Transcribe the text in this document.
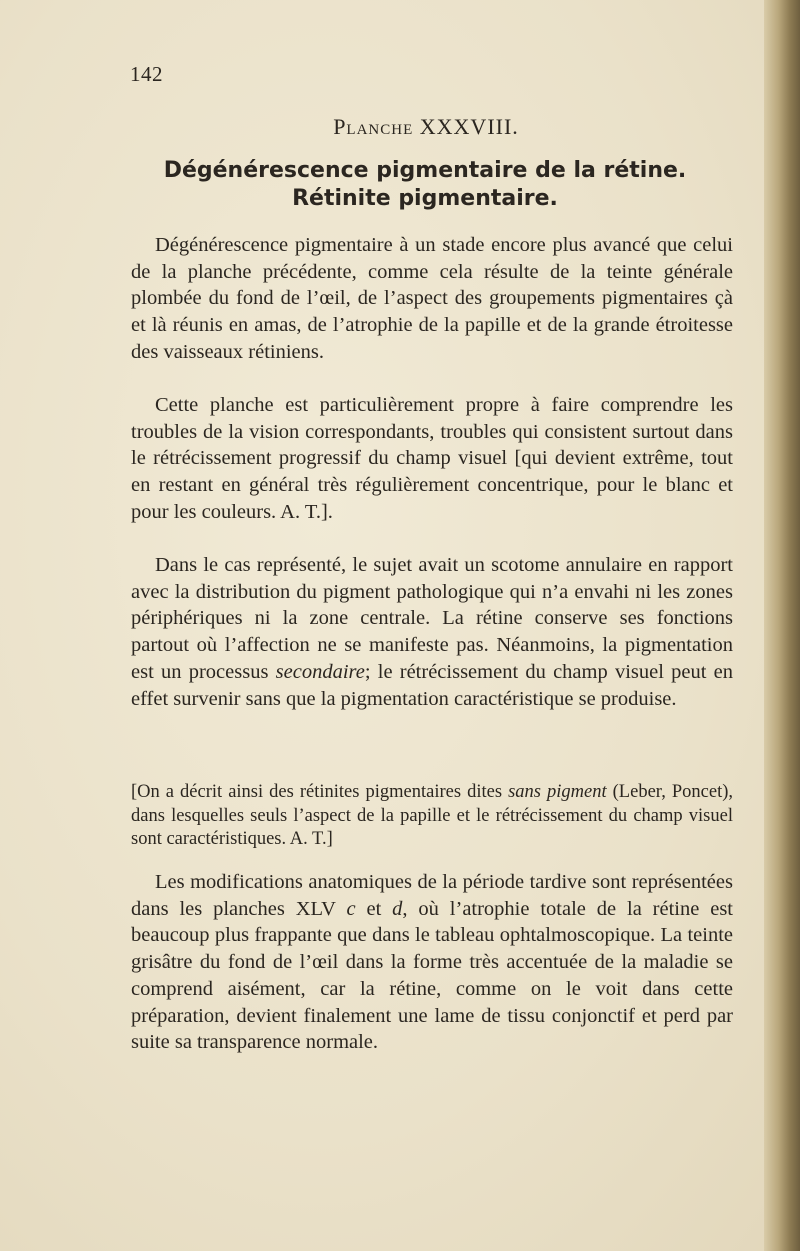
142
Planche XXXVIII.
Dégénérescence pigmentaire de la rétine.
Rétinite pigmentaire.

Dégénérescence pigmentaire à un stade encore plus avancé que celui de la planche précédente, comme cela résulte de la teinte générale plombée du fond de l’œil, de l’aspect des groupements pigmentaires çà et là réunis en amas, de l’atrophie de la papille et de la grande étroitesse des vaisseaux rétiniens.

Cette planche est particulièrement propre à faire comprendre les troubles de la vision correspondants, troubles qui consistent surtout dans le rétrécissement progressif du champ visuel [qui devient extrême, tout en restant en général très régulièrement concentrique, pour le blanc et pour les couleurs. A. T.].

Dans le cas représenté, le sujet avait un scotome annulaire en rapport avec la distribution du pigment pathologique qui n’a envahi ni les zones périphériques ni la zone centrale. La rétine conserve ses fonctions partout où l’affection ne se manifeste pas. Néanmoins, la pigmentation est un processus secondaire; le rétrécissement du champ visuel peut en effet survenir sans que la pigmentation caractéristique se produise.

[On a décrit ainsi des rétinites pigmentaires dites sans pigment (Leber, Poncet), dans lesquelles seuls l’aspect de la papille et le rétrécissement du champ visuel sont caractéristiques. A. T.]

Les modifications anatomiques de la période tardive sont représentées dans les planches XLV c et d, où l’atrophie totale de la rétine est beaucoup plus frappante que dans le tableau ophtalmoscopique. La teinte grisâtre du fond de l’œil dans la forme très accentuée de la maladie se comprend aisément, car la rétine, comme on le voit dans cette préparation, devient finalement une lame de tissu conjonctif et perd par suite sa transparence normale.
